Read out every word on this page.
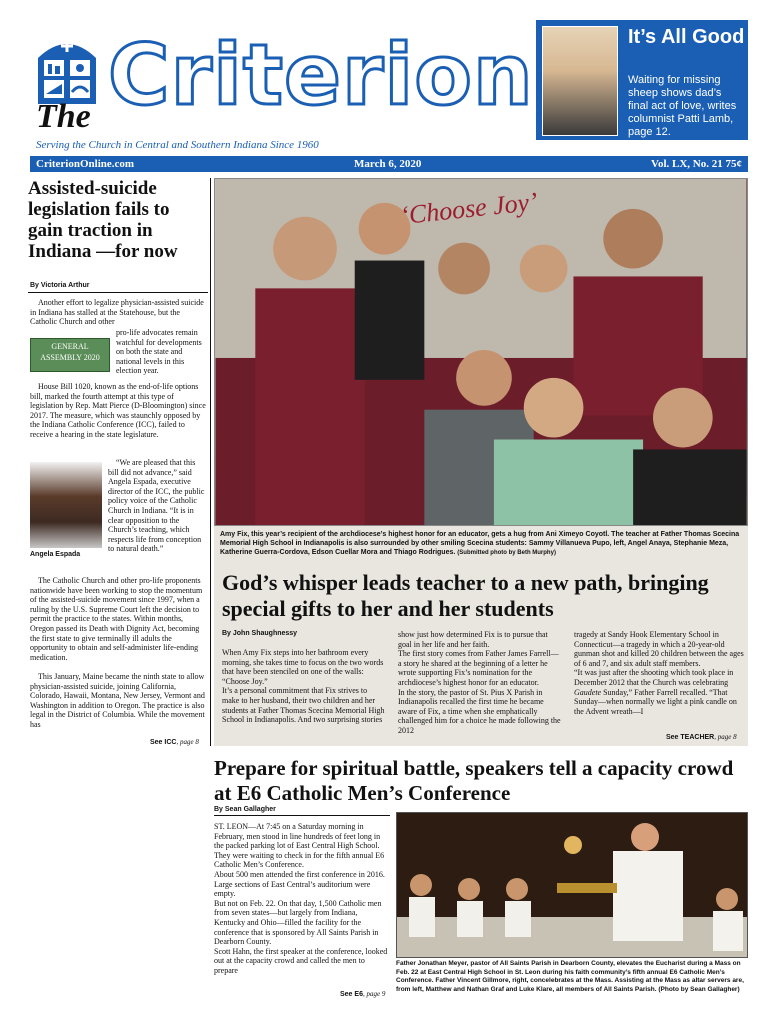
Criterion
The
Serving the Church in Central and Southern Indiana Since 1960
It’s All Good
Waiting for missing sheep shows dad’s final act of love, writes columnist Patti Lamb, page 12.
CriterionOnline.com	March 6, 2020	Vol. LX, No. 21 75¢
Assisted-suicide legislation fails to gain traction in Indiana —for now
By Victoria Arthur
Another effort to legalize physician-assisted suicide in Indiana has stalled at the Statehouse, but the Catholic Church and other
GENERAL ASSEMBLY 2020
pro-life advocates remain watchful for developments on both the state and national levels in this election year.
House Bill 1020, known as the end-of-life options bill, marked the fourth attempt at this type of legislation by Rep. Matt Pierce (D-Bloomington) since 2017. The measure, which was staunchly opposed by the Indiana Catholic Conference (ICC), failed to receive a hearing in the state legislature.
“We are pleased that this bill did not advance,” said Angela Espada, executive director of the ICC, the public policy voice of the Catholic Church in Indiana. “It is in clear opposition to the Church’s teaching, which respects life from conception to natural death.”
Angela Espada
The Catholic Church and other pro-life proponents nationwide have been working to stop the momentum of the assisted-suicide movement since 1997, when a ruling by the U.S. Supreme Court left the decision to permit the practice to the states. Within months, Oregon passed its Death with Dignity Act, becoming the first state to give terminally ill adults the opportunity to obtain and self-administer life-ending medication.
This January, Maine became the ninth state to allow physician-assisted suicide, joining California, Colorado, Hawaii, Montana, New Jersey, Vermont and Washington in addition to Oregon. The practice is also legal in the District of Columbia. While the movement has
See ICC, page 8
‘Choose Joy’
Amy Fix, this year’s recipient of the archdiocese’s highest honor for an educator, gets a hug from Ani Ximeyo Coyotl. The teacher at Father Thomas Scecina Memorial High School in Indianapolis is also surrounded by other smiling Scecina students: Sammy Villanueva Pupo, left, Angel Anaya, Stephanie Meza, Katherine Guerra-Cordova, Edson Cuellar Mora and Thiago Rodrigues. (Submitted photo by Beth Murphy)
God’s whisper leads teacher to a new path, bringing special gifts to her and her students
By John Shaughnessy
When Amy Fix steps into her bathroom every morning, she takes time to focus on the two words that have been stenciled on one of the walls: “Choose Joy.”
It’s a personal commitment that Fix strives to make to her husband, their two children and her students at Father Thomas Scecina Memorial High School in Indianapolis. And two surprising stories
show just how determined Fix is to pursue that goal in her life and her faith.
The first story comes from Father James Farrell—a story he shared at the beginning of a letter he wrote supporting Fix’s nomination for the archdiocese’s highest honor for an educator.
In the story, the pastor of St. Pius X Parish in Indianapolis recalled the first time he became aware of Fix, a time when she emphatically challenged him for a choice he made following the 2012
tragedy at Sandy Hook Elementary School in Connecticut—a tragedy in which a 20-year-old gunman shot and killed 20 children between the ages of 6 and 7, and six adult staff members.
“It was just after the shooting which took place in December 2012 that the Church was celebrating Gaudete Sunday,” Father Farrell recalled. “That Sunday—when normally we light a pink candle on the Advent wreath—I
See TEACHER, page 8
Prepare for spiritual battle, speakers tell a capacity crowd at E6 Catholic Men’s Conference
By Sean Gallagher
ST. LEON—At 7:45 on a Saturday morning in February, men stood in line hundreds of feet long in the packed parking lot of East Central High School. They were waiting to check in for the fifth annual E6 Catholic Men’s Conference.
About 500 men attended the first conference in 2016. Large sections of East Central’s auditorium were empty.
But not on Feb. 22. On that day, 1,500 Catholic men from seven states—but largely from Indiana, Kentucky and Ohio—filled the facility for the conference that is sponsored by All Saints Parish in Dearborn County.
Scott Hahn, the first speaker at the conference, looked out at the capacity crowd and called the men to prepare
See E6, page 9
Father Jonathan Meyer, pastor of All Saints Parish in Dearborn County, elevates the Eucharist during a Mass on Feb. 22 at East Central High School in St. Leon during his faith community’s fifth annual E6 Catholic Men’s Conference. Father Vincent Gillmore, right, concelebrates at the Mass. Assisting at the Mass as altar servers are, from left, Matthew and Nathan Graf and Luke Klare, all members of All Saints Parish. (Photo by Sean Gallagher)
